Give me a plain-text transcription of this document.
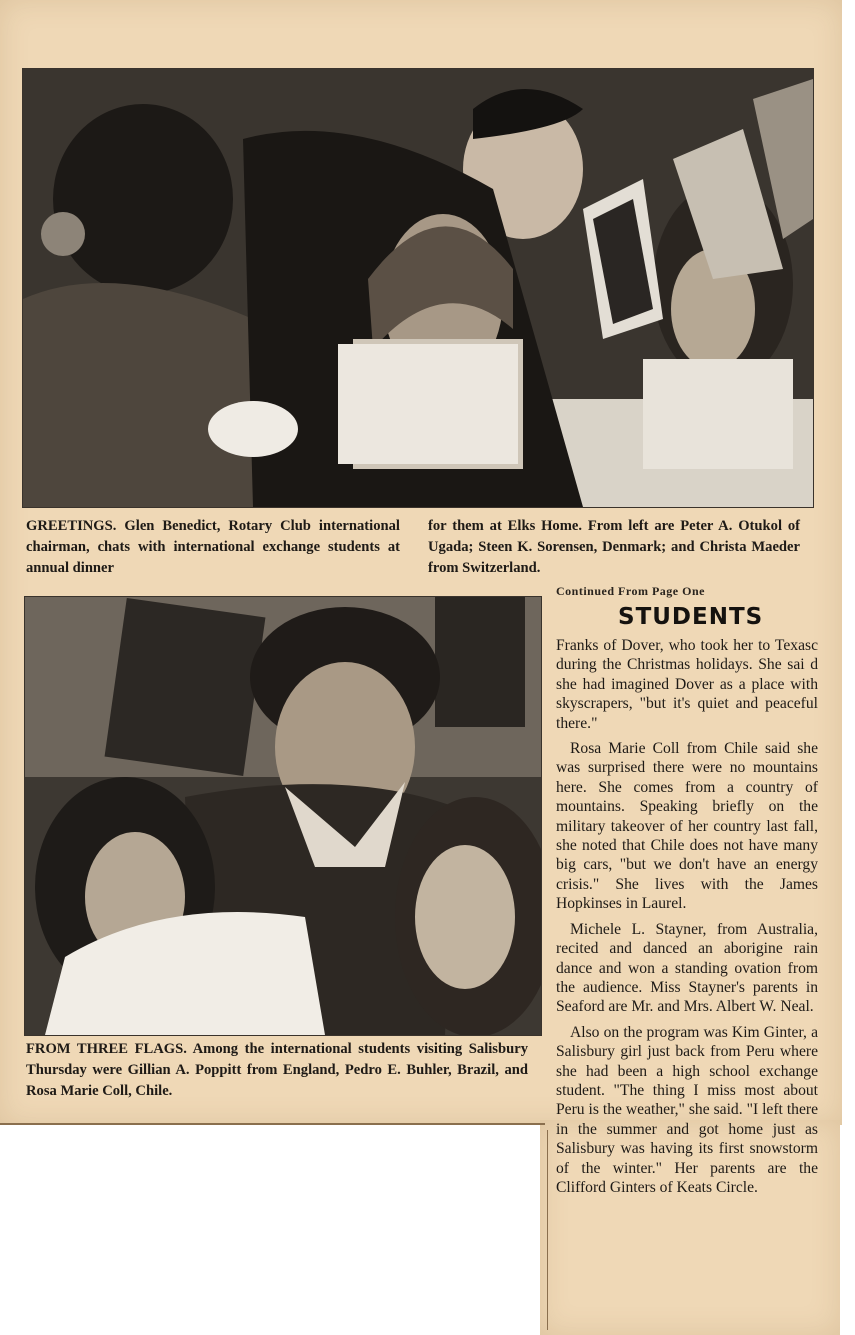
GREETINGS. Glen Benedict, Rotary Club international chairman, chats with international exchange students at annual dinner
for them at Elks Home. From left are Peter A. Otukol of Ugada; Steen K. Sorensen, Denmark; and Christa Maeder from Switzerland.
FROM THREE FLAGS. Among the international students visiting Salisbury Thursday were Gillian A. Poppitt from England, Pedro E. Buhler, Brazil, and Rosa Marie Coll, Chile.
Continued From Page One
STUDENTS

Franks of Dover, who took her to Texasc during the Christmas holidays. She sai d she had imagined Dover as a place with skyscrapers, "but it's quiet and peaceful there."

Rosa Marie Coll from Chile said she was surprised there were no mountains here. She comes from a country of mountains. Speaking briefly on the military takeover of her country last fall, she noted that Chile does not have many big cars, "but we don't have an energy crisis." She lives with the James Hopkinses in Laurel.

Michele L. Stayner, from Australia, recited and danced an aborigine rain dance and won a standing ovation from the audience. Miss Stayner's parents in Seaford are Mr. and Mrs. Albert W. Neal.

Also on the program was Kim Ginter, a Salisbury girl just back from Peru where she had been a high school exchange student. "The thing I miss most about Peru is the weather," she said. "I left there in the summer and got home just as Salisbury was having its first snowstorm of the winter." Her parents are the Clifford Ginters of Keats Circle.
